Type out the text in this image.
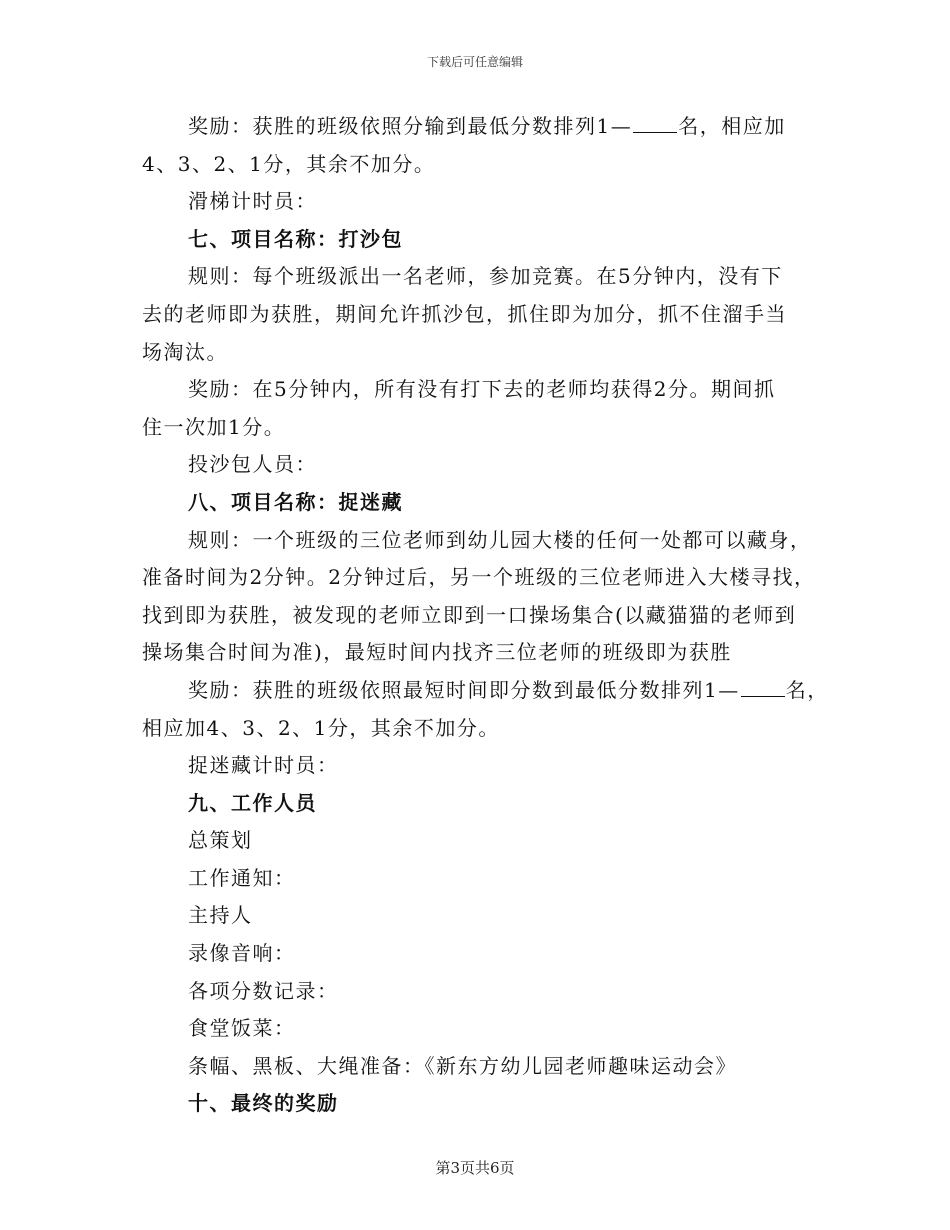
下载后可任意编辑

奖励：获胜的班级依照分输到最低分数排列1— 名，相应加

4、3、2、1分，其余不加分。

滑梯计时员：

七、项目名称：打沙包

规则：每个班级派出一名老师，参加竞赛。在5分钟内，没有下

去的老师即为获胜，期间允许抓沙包，抓住即为加分，抓不住溜手当

场淘汰。

奖励：在5分钟内，所有没有打下去的老师均获得2分。期间抓

住一次加1分。

投沙包人员：

八、项目名称：捉迷藏

规则：一个班级的三位老师到幼儿园大楼的任何一处都可以藏身，

准备时间为2分钟。2分钟过后，另一个班级的三位老师进入大楼寻找，

找到即为获胜，被发现的老师立即到一口操场集合(以藏猫猫的老师到

操场集合时间为准)，最短时间内找齐三位老师的班级即为获胜

奖励：获胜的班级依照最短时间即分数到最低分数排列1— 名，

相应加4、3、2、1分，其余不加分。

捉迷藏计时员：

九、工作人员

总策划

工作通知：

主持人

录像音响：

各项分数记录：

食堂饭菜：

条幅、黑板、大绳准备：《新东方幼儿园老师趣味运动会》

十、最终的奖励

第3页共6页
